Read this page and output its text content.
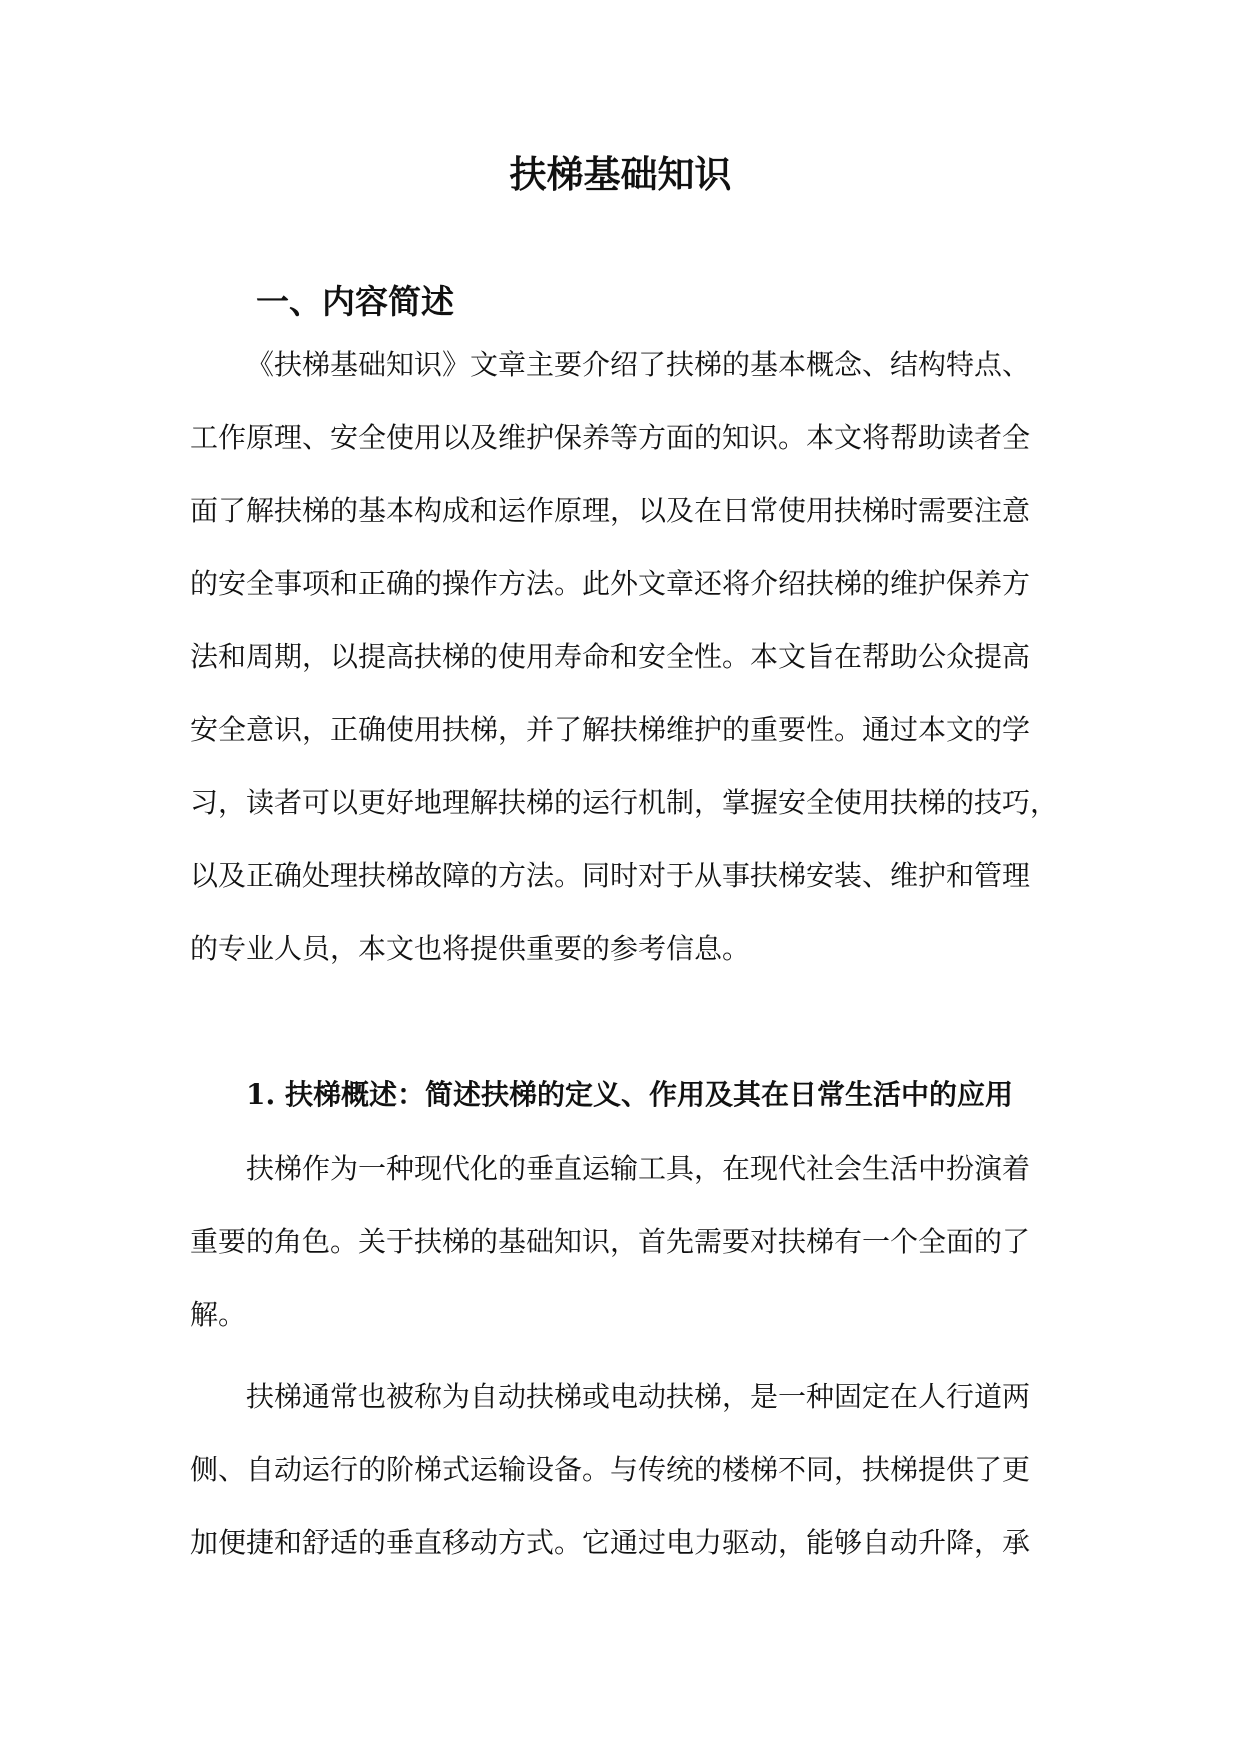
扶梯基础知识
一、内容简述

《扶梯基础知识》文章主要介绍了扶梯的基本概念、结构特点、

工作原理、安全使用以及维护保养等方面的知识。本文将帮助读者全

面了解扶梯的基本构成和运作原理，以及在日常使用扶梯时需要注意

的安全事项和正确的操作方法。此外文章还将介绍扶梯的维护保养方

法和周期，以提高扶梯的使用寿命和安全性。本文旨在帮助公众提高

安全意识，正确使用扶梯，并了解扶梯维护的重要性。通过本文的学

习，读者可以更好地理解扶梯的运行机制，掌握安全使用扶梯的技巧，

以及正确处理扶梯故障的方法。同时对于从事扶梯安装、维护和管理

的专业人员，本文也将提供重要的参考信息。

1. 扶梯概述：简述扶梯的定义、作用及其在日常生活中的应用

扶梯作为一种现代化的垂直运输工具，在现代社会生活中扮演着

重要的角色。关于扶梯的基础知识，首先需要对扶梯有一个全面的了

解。

扶梯通常也被称为自动扶梯或电动扶梯，是一种固定在人行道两

侧、自动运行的阶梯式运输设备。与传统的楼梯不同，扶梯提供了更

加便捷和舒适的垂直移动方式。它通过电力驱动，能够自动升降，承
